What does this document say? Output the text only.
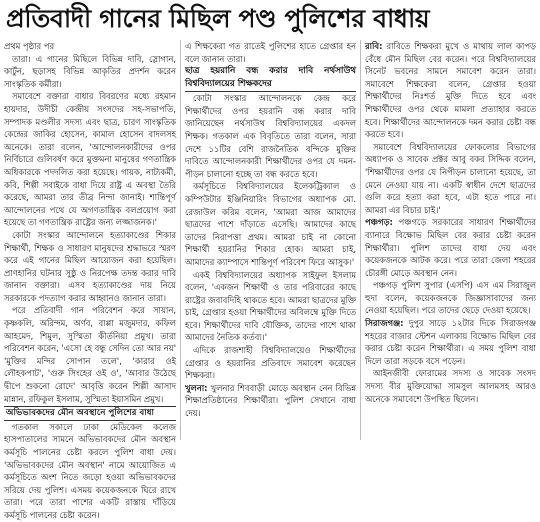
প্রতিবাদী গানের মিছিল পণ্ড পুলিশের বাধায়
প্রথম পৃষ্ঠার পর

তারা। এ গানের মিছিলে বিভিন্ন দাবি, স্লোগান, কার্টুন, ছড়াসহ বিভিন্ন আকৃতির প্রদর্শন করেন সাংস্কৃতিক কর্মীরা।

সমাবেশে বক্তারা বাধার বিবরণের মধ্যে রহমান হায়দার, উদীচী কেন্দ্রীয় সংসদের সহ-সভাপতি, সম্পাদক মণ্ডলীর সদস্য এবং ছাত্র, চারণ সাংস্কৃতিক কেন্দ্রের জাকির হোসেন, কামাল হোসেন বাদলসহ অনেকে। তারা বলেন, 'আন্দোলনকারীদের ওপর নির্বিচারে গুলিবর্ষণ করে মুক্তমনা মানুষের গণতান্ত্রিক অধিকারকে পদদলিত করা হয়েছে। গায়ক, নাট্যকর্মী, কবি, শিল্পী সবাইকে বাধা দিয়ে রাষ্ট্র এ অবস্থা তৈরি করেছে, আমরা তার তীব্র নিন্দা জানাই। শান্তিপূর্ণ আন্দোলনের পথে যে অগণতান্ত্রিক বলপ্রয়োগ করা হয়েছে তা গণতান্ত্রিক রাষ্ট্রের জন্য লজ্জাজনক।'

কোটা সংস্কার আন্দোলনে হত্যাকাণ্ডের শিকার শিক্ষার্থী, শিক্ষক ও সাধারণ মানুষদের শ্রদ্ধাভরে স্মরণ করে এই গানের মিছিল আয়োজন করা হয়েছিল। প্রাণহানির ঘটনার সুষ্ঠু ও নিরপেক্ষ তদন্ত করার দাবি জানান বক্তারা। এসব হত্যাকাণ্ডের দায় নিয়ে সরকারকে পদত্যাগ করার আহ্বানও জানান তারা।

পরে প্রতিবাদী গান পরিবেশন করে সায়ান, কৃষ্ণকলি, অরিন্দম, অর্ণব, বাপ্পা মজুমদার, কফিল আহমেদ, শিমুল, সুস্মিতা কীর্তনিয়া প্রমুখ। তারা পরিবেশন করেন, 'এসো হে বন্ধু সেদিন তো আর নয়' 'মুক্তির মন্দির সোপান তলে', 'কারার ওই লৌহকপাট', 'গুরু সিংহের ওই ও', 'আবার উঠেছে দ্বীপে শুকনো রোদে' আবৃত্তি করেন শিল্পী আসাদ মান্নান, রফিকুল ইসলাম, সুস্মিতা ইয়াসমিন প্রমুখ।

অভিভাবকদের মৌন অবস্থানে পুলিশের বাধা

গতকাল সকালে ঢাকা মেডিকেল কলেজ হাসপাতালের সামনে অভিভাবকদের মৌন অবস্থান কর্মসূচি পালনের চেষ্টা করলে পুলিশ বাধা দেয়। 'অভিভাবকদের মৌন অবস্থান' নামে আয়োজিত এ কর্মসূচিতে অংশ নিতে জড়ো হওয়া অভিভাবকদের সরিয়ে দেয় পুলিশ। এসময় কয়েকজনকে ঘিরে রাখে তারা। পরে তারা পাশের একটি রাস্তায় দাঁড়িয়ে কর্মসূচি পালনের চেষ্টা করেন।

এ শিক্ষকেরা গত রাতেই পুলিশের হাতে গ্রেপ্তার হন বলে জানান তারা।

ছাত্র হয়রানি বন্ধ করার দাবি নর্থসাউথ বিশ্ববিদ্যালয়ের শিক্ষকদের

কোটা সংস্কার আন্দোলনকে কেন্দ্র করে শিক্ষার্থীদের ওপর হয়রানি বন্ধ করার দাবি জানিয়েছেন নর্থসাউথ বিশ্ববিদ্যালয়ের একদল শিক্ষক। গতকাল এক বিবৃতিতে তারা বলেন, সারা দেশে ১১টির বেশি রাজনৈতিক বন্দিকে মুক্তির দাবিতে আন্দোলনকারী শিক্ষার্থীদের ওপর যে দমন-পীড়ন চালানো হচ্ছে তা বন্ধ করতে হবে।

কর্মসূচিতে বিশ্ববিদ্যালয়ের ইলেকট্রিক্যাল ও কম্পিউটার ইঞ্জিনিয়ারিং বিভাগের অধ্যাপক মো. রেজাউল করিম বলেন, 'আমরা আজ আমাদের ছাত্রদের পাশে দাঁড়াতে এসেছি। আমাদের কাছে তাদের নিরাপত্তা প্রথম। আমরা চাই না কোনো শিক্ষার্থী হয়রানির শিকার হোক। আমরা চাই, আমাদের ক্যাম্পাসে শান্তিপূর্ণ পরিবেশ ফিরে আসুক।'

একই বিশ্ববিদ্যালয়ের অধ্যাপক সাইফুল ইসলাম বলেন, 'একজন শিক্ষার্থী ও তার পরিবারের কাছে রাষ্ট্রের জবাবদিহি থাকতে হবে। আমরা ছাত্রদের মুক্তি চাই, গ্রেপ্তার হওয়া শিক্ষার্থীদের অবিলম্বে মুক্তি দিতে হবে। শিক্ষার্থীদের দাবি যৌক্তিক, তাদের পাশে থাকা আমাদের নৈতিক কর্তব্য।'

এদিকে রাজশাহী বিশ্ববিদ্যালয়েও শিক্ষার্থীদের গ্রেপ্তার ও হয়রানির প্রতিবাদে সমাবেশ করেছেন শিক্ষকরা।

খুলনা: খুলনার শিববাড়ী মোড়ে অবস্থান নেন বিভিন্ন শিক্ষাপ্রতিষ্ঠানের শিক্ষার্থীরা। পুলিশ সেখানে বাধা দেয়।

রাবি: রাবিতে শিক্ষকরা মুখে ও মাথায় লাল কাপড় বেঁধে মৌন মিছিল বের করেন। পরে বিশ্ববিদ্যালয়ের সিনেট ভবনের সামনে সমাবেশ করেন তারা। সমাবেশে শিক্ষকেরা বলেন, গ্রেপ্তার হওয়া শিক্ষার্থীদের নিঃশর্ত মুক্তি দিতে হবে এবং শিক্ষার্থীদের ওপর থেকে মামলা প্রত্যাহার করতে হবে। শিক্ষার্থীদের আন্দোলনকে দমন করার চেষ্টা বন্ধ করতে হবে।

সমাবেশে বিশ্ববিদ্যালয়ের ফোকলোর বিভাগের অধ্যাপক ও সাবেক প্রক্টর আবু বকর সিদ্দিক বলেন, 'শিক্ষার্থীদের ওপর যে নিপীড়ন চালানো হয়েছে, তা মেনে নেওয়া যায় না। একটি স্বাধীন দেশে ছাত্রদের গুলি করে হত্যা করা হবে, এটা হতে পারে না। আমরা এর বিচার চাই।'

পঞ্চগড়: পঞ্চগড়ে সরকারের সাধারণ শিক্ষার্থীদের ব্যানারে বিক্ষোভ মিছিল বের করার চেষ্টা করেন শিক্ষার্থীরা। পুলিশ তাদের বাধা দেয় এবং কয়েকজনকে আটক করে। পরে তারা জেলা শহরের চৌরঙ্গী মোড়ে অবস্থান নেন।

পঞ্চগড় পুলিশ সুপার (এসপি) এস এম সিরাজুল হুদা বলেন, কয়েকজনকে জিজ্ঞাসাবাদের জন্য নেওয়া হয়েছিল। পরে তাদের ছেড়ে দেওয়া হয়েছে।

সিরাজগঞ্জ: দুপুর সাড়ে ১২টার দিকে সিরাজগঞ্জ শহরের বাজার স্টেশন এলাকায় বিক্ষোভ মিছিল বের করার চেষ্টা করেন শিক্ষার্থীরা। এ সময় পুলিশ বাধা দিলে তারা সড়কে বসে পড়েন।

আইনজীবী ফোরামের সদস্য ও সাবেক সংসদ সদস্য বীর মুক্তিযোদ্ধা সামসুল আলমসহ আরও অনেকে সমাবেশে উপস্থিত ছিলেন।
